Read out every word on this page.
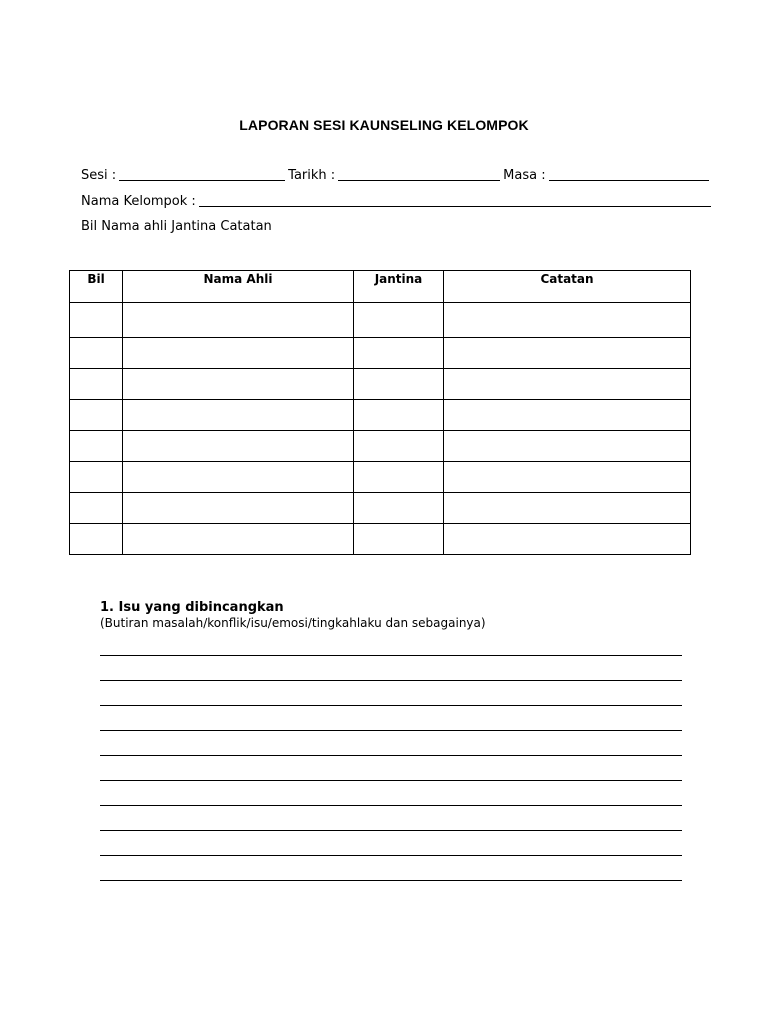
LAPORAN SESI KAUNSELING KELOMPOK
Sesi :	Tarikh :	Masa :
Nama Kelompok :
Bil Nama ahli Jantina Catatan
Bil	Nama Ahli	Jantina	Catatan

1. Isu yang dibincangkan
(Butiran masalah/konflik/isu/emosi/tingkahlaku dan sebagainya)
